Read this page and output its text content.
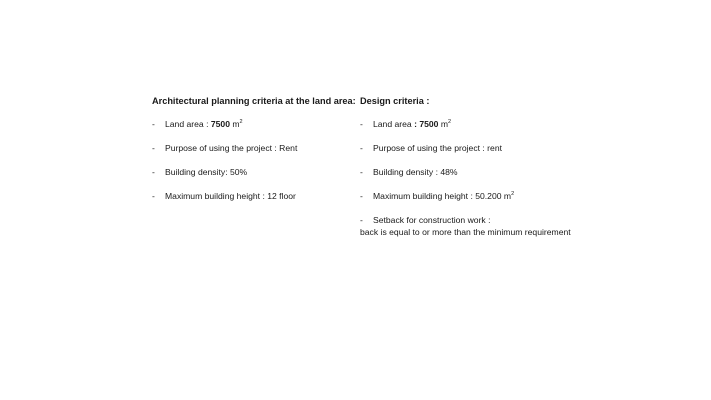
Architectural planning criteria at the land area:
- Land area : 7500 $m^2$
- Purpose of using the project : Rent
- Building density: 50%
- Maximum building height : 12 floor
Design criteria :
- Land area : 7500 $m^2$
- Purpose of using the project : rent
- Building density : 48%
- Maximum building height : 50.200 $m^2$
- Setback for construction work :
back is equal to or more than the minimum requirement
